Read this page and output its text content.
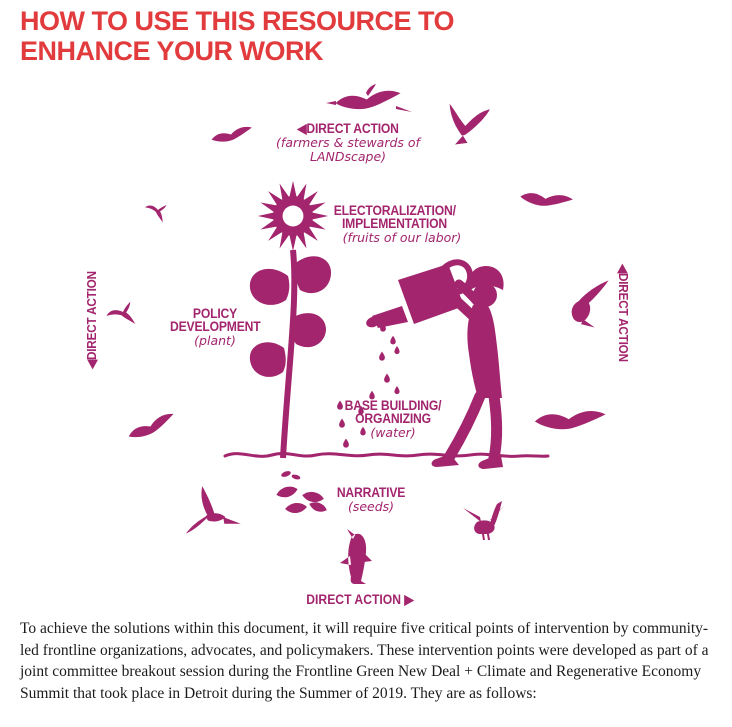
HOW TO USE THIS RESOURCE TO ENHANCE YOUR WORK
◀DIRECT ACTION
(farmers & stewards of LANDscape)
ELECTORALIZATION/ IMPLEMENTATION
(fruits of our labor)
POLICY DEVELOPMENT
(plant)
BASE BUILDING/ ORGANIZING
(water)
NARRATIVE
(seeds)
◀DIRECT ACTION	◀DIRECT ACTION
DIRECT ACTION ▶

To achieve the solutions within this document, it will require five critical points of intervention by community-led frontline organizations, advocates, and policymakers. These intervention points were developed as part of a joint committee breakout session during the Frontline Green New Deal + Climate and Regenerative Economy Summit that took place in Detroit during the Summer of 2019. They are as follows:
